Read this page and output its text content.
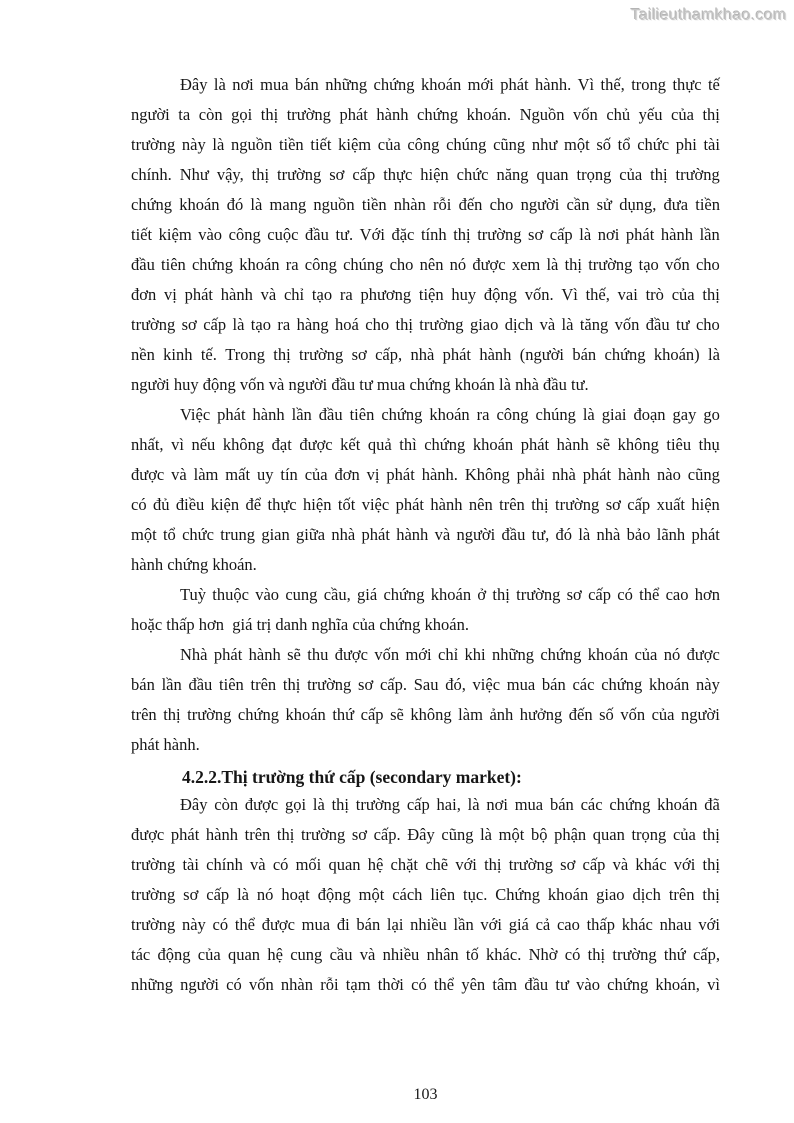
Tailieuthamkhao.com
Đây là nơi mua bán những chứng khoán mới phát hành. Vì thế, trong thực tế
người ta còn gọi thị trường phát hành chứng khoán. Nguồn vốn chủ yếu của thị
trường này là nguồn tiền tiết kiệm của công chúng cũng như một số tổ chức phi tài
chính. Như vậy, thị trường sơ cấp thực hiện chức năng quan trọng của thị trường
chứng khoán đó là mang nguồn tiền nhàn rỗi đến cho người cần sử dụng, đưa tiền
tiết kiệm vào công cuộc đầu tư. Với đặc tính thị trường sơ cấp là nơi phát hành lần
đầu tiên chứng khoán ra công chúng cho nên nó được xem là thị trường tạo vốn cho
đơn vị phát hành và chỉ tạo ra phương tiện huy động vốn. Vì thế, vai trò của thị
trường sơ cấp là tạo ra hàng hoá cho thị trường giao dịch và là tăng vốn đầu tư cho
nền kinh tế. Trong thị trường sơ cấp, nhà phát hành (người bán chứng khoán) là
người huy động vốn và người đầu tư mua chứng khoán là nhà đầu tư.
Việc phát hành lần đầu tiên chứng khoán ra công chúng là giai đoạn gay go
nhất, vì nếu không đạt được kết quả thì chứng khoán phát hành sẽ không tiêu thụ
được và làm mất uy tín của đơn vị phát hành. Không phải nhà phát hành nào cũng
có đủ điều kiện để thực hiện tốt việc phát hành nên trên thị trường sơ cấp xuất hiện
một tổ chức trung gian giữa nhà phát hành và người đầu tư, đó là nhà bảo lãnh phát
hành chứng khoán.
Tuỳ thuộc vào cung cầu, giá chứng khoán ở thị trường sơ cấp có thể cao hơn
hoặc thấp hơn  giá trị danh nghĩa của chứng khoán.
Nhà phát hành sẽ thu được vốn mới chỉ khi những chứng khoán của nó được
bán lần đầu tiên trên thị trường sơ cấp. Sau đó, việc mua bán các chứng khoán này
trên thị trường chứng khoán thứ cấp sẽ không làm ảnh hưởng đến số vốn của người
phát hành.
4.2.2.Thị trường thứ cấp (secondary market):
Đây còn được gọi là thị trường cấp hai, là nơi mua bán các chứng khoán đã
được phát hành trên thị trường sơ cấp. Đây cũng là một bộ phận quan trọng của thị
trường tài chính và có mối quan hệ chặt chẽ với thị trường sơ cấp và khác với thị
trường sơ cấp là nó hoạt động một cách liên tục. Chứng khoán giao dịch trên thị
trường này có thể được mua đi bán lại nhiều lần với giá cả cao thấp khác nhau với
tác động của quan hệ cung cầu và nhiều nhân tố khác. Nhờ có thị trường thứ cấp,
những người có vốn nhàn rỗi tạm thời có thể yên tâm đầu tư vào chứng khoán, vì
103
